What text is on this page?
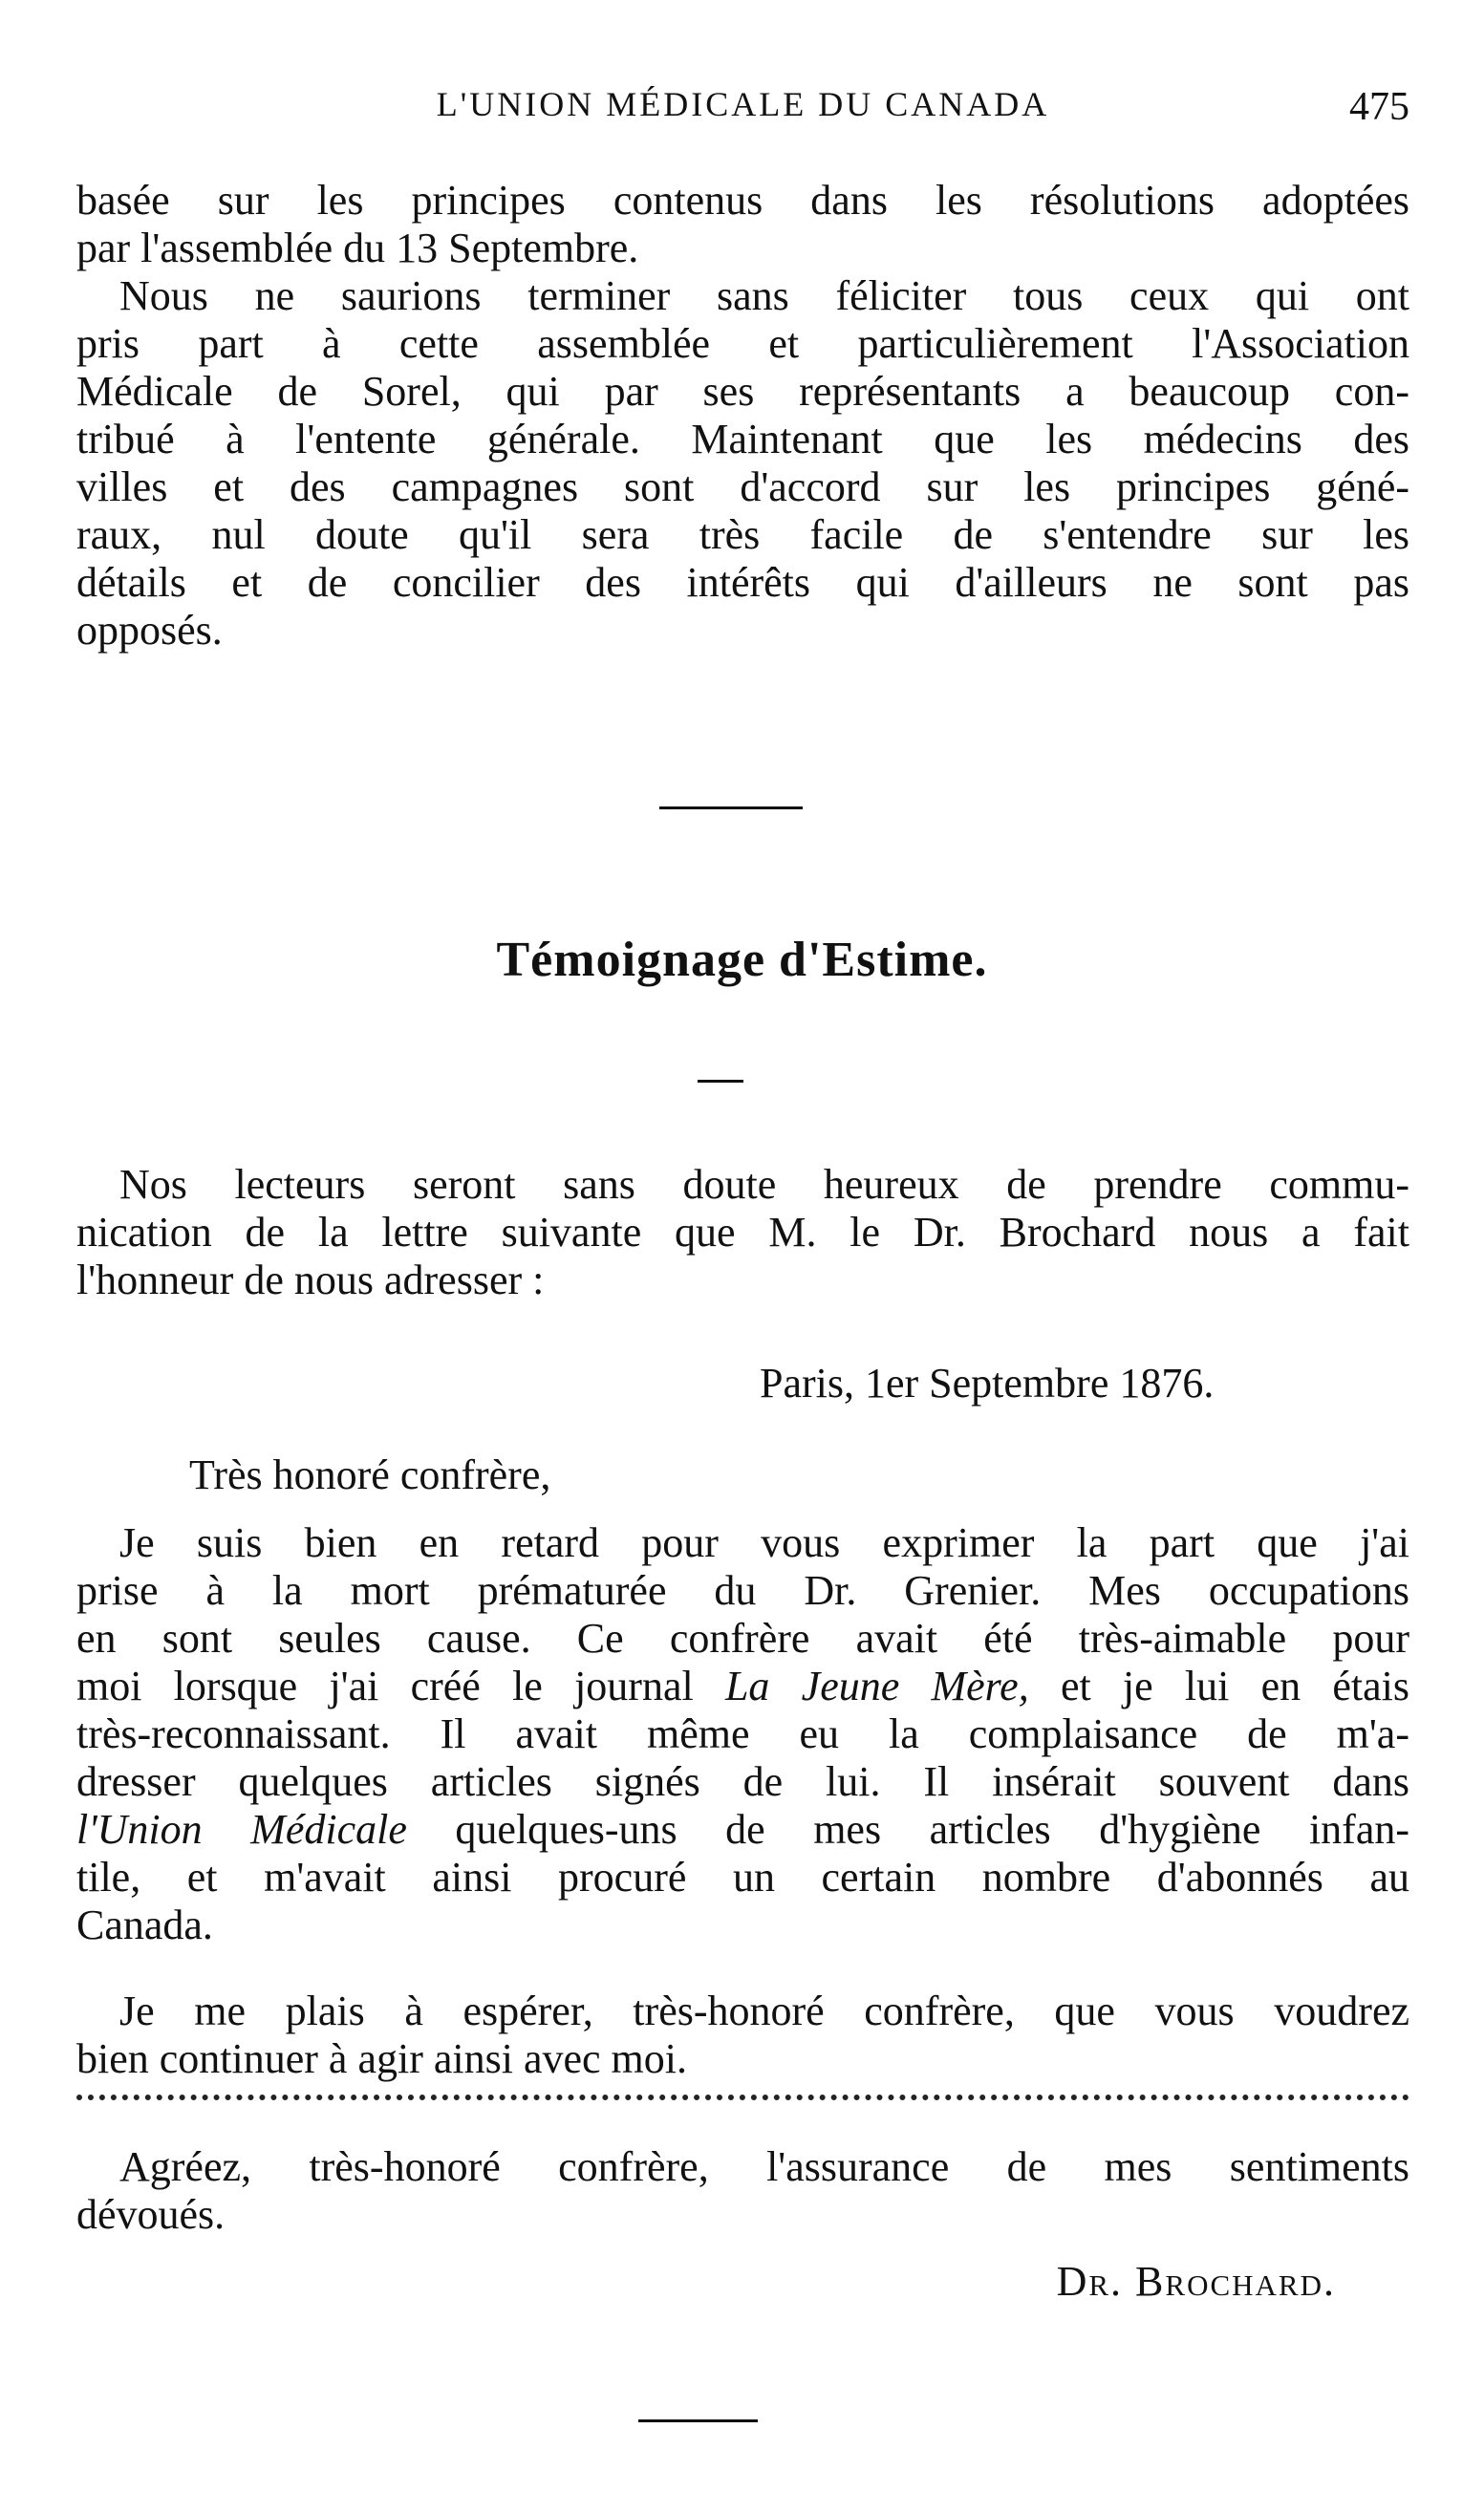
L'UNION MÉDICALE DU CANADA	475
basée sur les principes contenus dans les résolutions adoptées
par l'assemblée du 13 Septembre.
Nous ne saurions terminer sans féliciter tous ceux qui ont
pris part à cette assemblée et particulièrement l'Association
Médicale de Sorel, qui par ses représentants a beaucoup con-
tribué à l'entente générale. Maintenant que les médecins des
villes et des campagnes sont d'accord sur les principes géné-
raux, nul doute qu'il sera très facile de s'entendre sur les
détails et de concilier des intérêts qui d'ailleurs ne sont pas
opposés.
Témoignage d'Estime.
Nos lecteurs seront sans doute heureux de prendre commu-
nication de la lettre suivante que M. le Dr. Brochard nous a fait
l'honneur de nous adresser :
Paris, 1er Septembre 1876.
Très honoré confrère,
Je suis bien en retard pour vous exprimer la part que j'ai
prise à la mort prématurée du Dr. Grenier. Mes occupations
en sont seules cause. Ce confrère avait été très-aimable pour
moi lorsque j'ai créé le journal La Jeune Mère, et je lui en étais
très-reconnaissant. Il avait même eu la complaisance de m'a-
dresser quelques articles signés de lui. Il insérait souvent dans
l'Union Médicale quelques-uns de mes articles d'hygiène infan-
tile, et m'avait ainsi procuré un certain nombre d'abonnés au
Canada.
Je me plais à espérer, très-honoré confrère, que vous voudrez
bien continuer à agir ainsi avec moi.
Agréez, très-honoré confrère, l'assurance de mes sentiments
dévoués.
Dr. Brochard.
